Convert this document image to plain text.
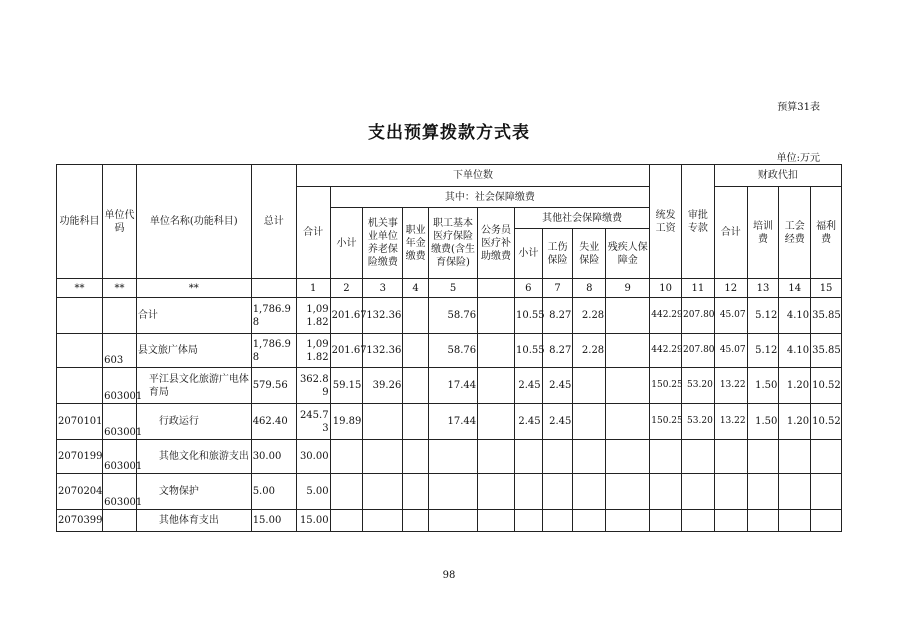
预算31表
支出预算拨款方式表
单位:万元
功能科目	单位代码	单位名称(功能科目)	总计	下单位数										统发工资	审批专款	财政代扣			
				合计	其中：社会保障缴费											合计	培训费	工会经费	福利费
					小计	机关事业单位养老保险缴费	职业年金缴费	职工基本医疗保险缴费(含生育保险)	公务员医疗补助缴费	其他社会保障缴费									
										小计	工伤保险	失业保险	残疾人保障金						
**	**	**		1	2	3	4	5		6	7	8	9	10	11	12	13	14	15
		合计	1,786.98	1,091.82	201.67	132.36		58.76		10.55	8.27	2.28		442.29	207.80	45.07	5.12	4.10	35.85
	603	县文旅广体局	1,786.98	1,091.82	201.67	132.36		58.76		10.55	8.27	2.28		442.29	207.80	45.07	5.12	4.10	35.85
	603001	平江县文化旅游广电体育局	579.56	362.89	59.15	39.26		17.44		2.45	2.45			150.25	53.20	13.22	1.50	1.20	10.52
2070101	603001	行政运行	462.40	245.73	19.89			17.44		2.45	2.45			150.25	53.20	13.22	1.50	1.20	10.52
2070199	603001	其他文化和旅游支出	30.00	30.00															
2070204	603001	文物保护	5.00	5.00															
2070399		其他体育支出	15.00	15.00															
98
